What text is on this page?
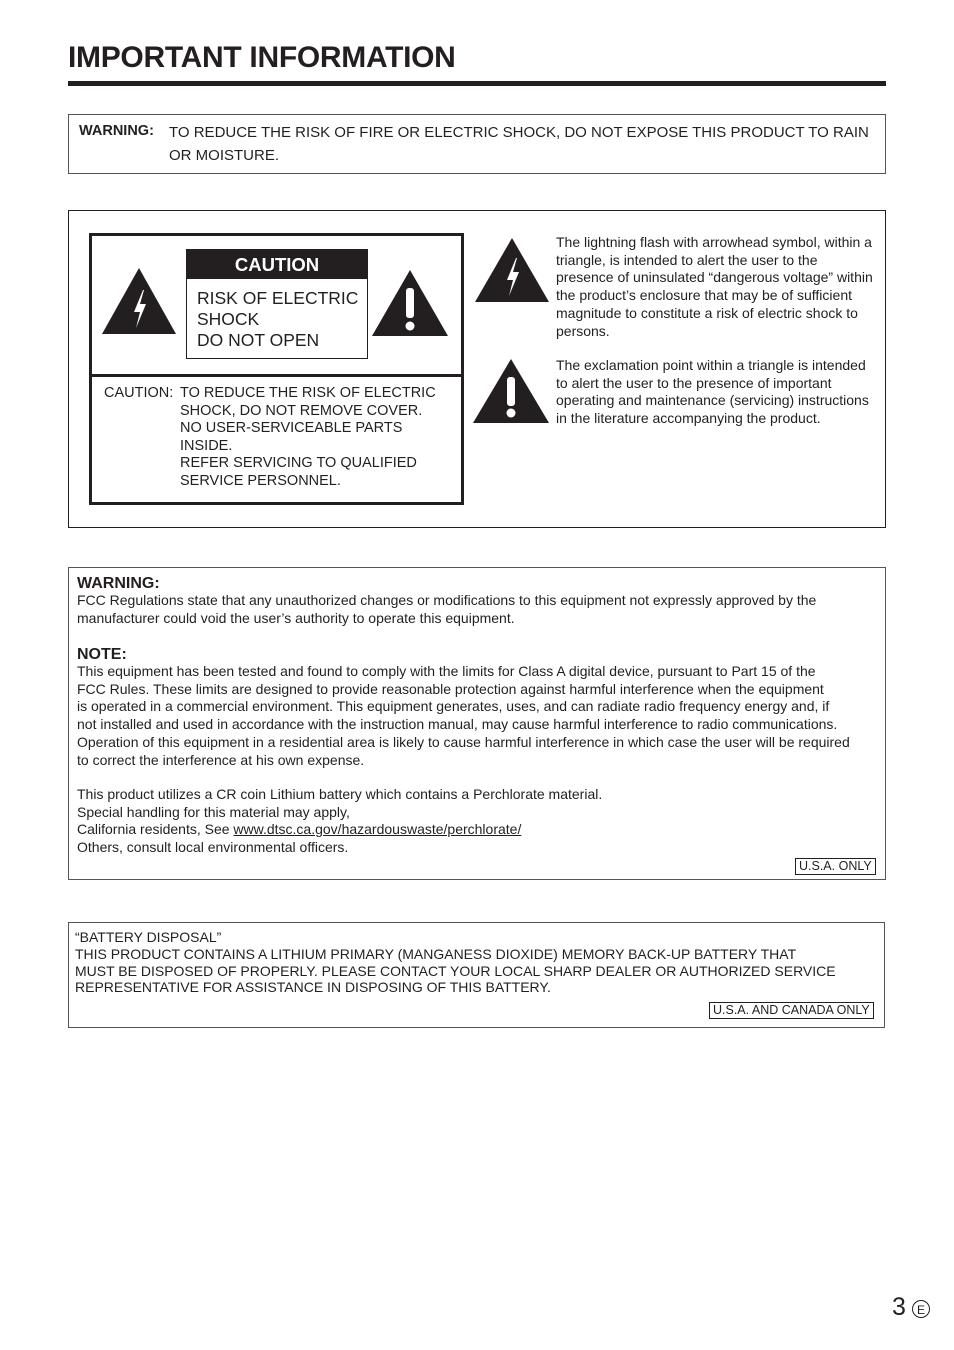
IMPORTANT INFORMATION
WARNING: TO REDUCE THE RISK OF FIRE OR ELECTRIC SHOCK, DO NOT EXPOSE THIS PRODUCT TO RAIN OR MOISTURE.
CAUTION
RISK OF ELECTRIC
SHOCK
DO NOT OPEN
CAUTION: TO REDUCE THE RISK OF ELECTRIC
SHOCK, DO NOT REMOVE COVER.
NO USER-SERVICEABLE PARTS
INSIDE.
REFER SERVICING TO QUALIFIED
SERVICE PERSONNEL.
The lightning flash with arrowhead symbol, within a triangle, is intended to alert the user to the presence of uninsulated “dangerous voltage” within the product’s enclosure that may be of sufficient magnitude to constitute a risk of electric shock to persons.
The exclamation point within a triangle is intended to alert the user to the presence of important operating and maintenance (servicing) instructions in the literature accompanying the product.
WARNING:
FCC Regulations state that any unauthorized changes or modifications to this equipment not expressly approved by the
manufacturer could void the user’s authority to operate this equipment.
NOTE:
This equipment has been tested and found to comply with the limits for Class A digital device, pursuant to Part 15 of the
FCC Rules. These limits are designed to provide reasonable protection against harmful interference when the equipment
is operated in a commercial environment. This equipment generates, uses, and can radiate radio frequency energy and, if
not installed and used in accordance with the instruction manual, may cause harmful interference to radio communications.
Operation of this equipment in a residential area is likely to cause harmful interference in which case the user will be required
to correct the interference at his own expense.
This product utilizes a CR coin Lithium battery which contains a Perchlorate material.
Special handling for this material may apply,
California residents, See www.dtsc.ca.gov/hazardouswaste/perchlorate/
Others, consult local environmental officers.
U.S.A. ONLY
“BATTERY DISPOSAL”
THIS PRODUCT CONTAINS A LITHIUM PRIMARY (MANGANESS DIOXIDE) MEMORY BACK-UP BATTERY THAT
MUST BE DISPOSED OF PROPERLY. PLEASE CONTACT YOUR LOCAL SHARP DEALER OR AUTHORIZED SERVICE
REPRESENTATIVE FOR ASSISTANCE IN DISPOSING OF THIS BATTERY.
U.S.A. AND CANADA ONLY
3 E
